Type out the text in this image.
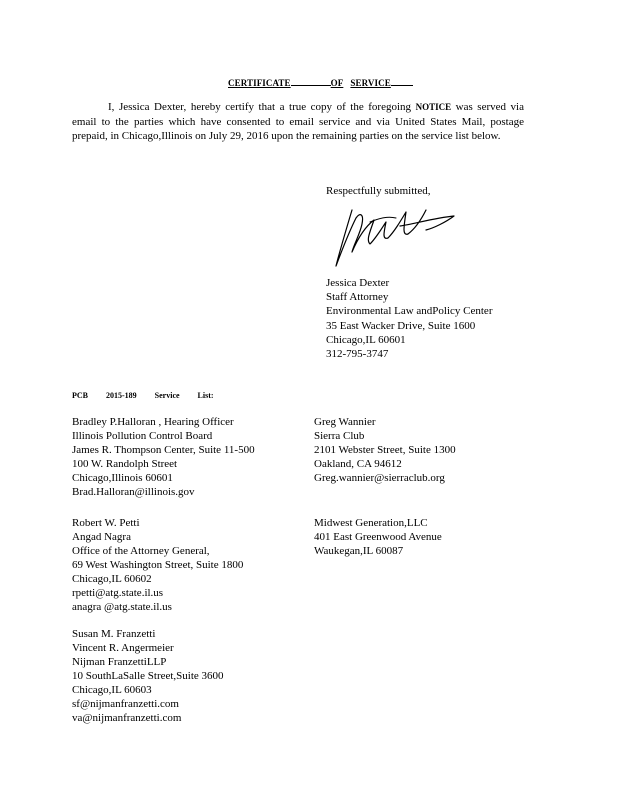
CERTIFICATE	OF SERVICE
I, Jessica Dexter, hereby certify that a true copy of the foregoing NOTICE was served via email to the parties which have consented to email service and via United States Mail, postage prepaid, in Chicago,Illinois on July 29, 2016 upon the remaining parties on the service list below.
Respectfully submitted,
Jessica Dexter
Staff Attorney
Environmental Law andPolicy Center
35 East Wacker Drive, Suite 1600
Chicago,IL 60601
312-795-3747
PCB 2015-189 Service List:
Bradley P.Halloran , Hearing Officer
Illinois Pollution Control Board
James R. Thompson Center, Suite 11-500
100 W. Randolph Street
Chicago,Illinois 60601
Brad.Halloran@illinois.gov
Greg Wannier
Sierra Club
2101 Webster Street, Suite 1300
Oakland, CA 94612
Greg.wannier@sierraclub.org
Robert W. Petti
Angad Nagra
Office of the Attorney General,
69 West Washington Street, Suite 1800
Chicago,IL 60602
rpetti@atg.state.il.us
anagra @atg.state.il.us
Midwest Generation,LLC
401 East Greenwood Avenue
Waukegan,IL 60087
Susan M. Franzetti
Vincent R. Angermeier
Nijman FranzettiLLP
10 SouthLaSalle Street,Suite 3600
Chicago,IL 60603
sf@nijmanfranzetti.com
va@nijmanfranzetti.com
